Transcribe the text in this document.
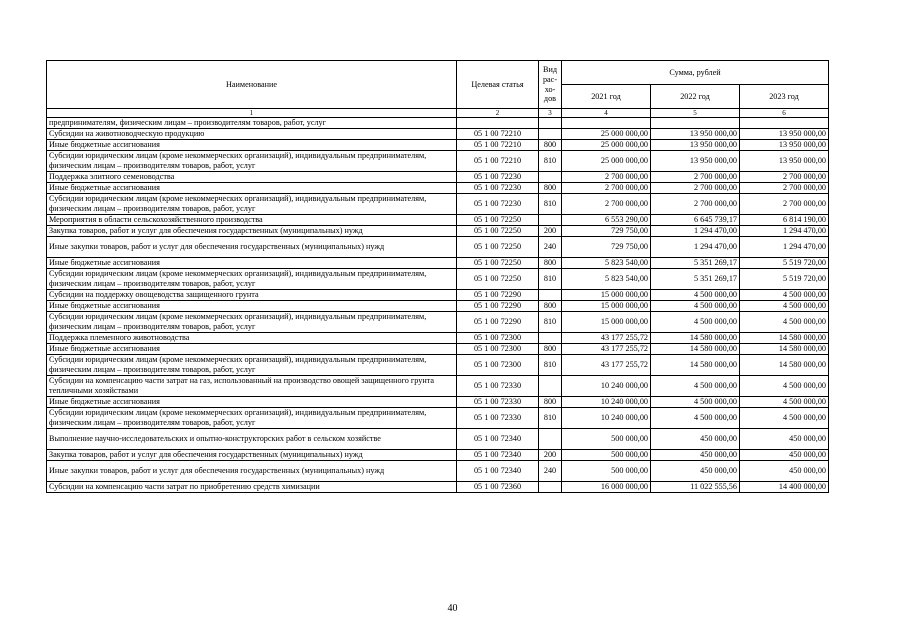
Наименование	Целевая статья	Вид рас-хо-дов	Сумма, рублей		
			2021 год	2022 год	2023 год
1	2	3	4	5	6
предпринимателям, физическим лицам – производителям товаров, работ, услуг					
Субсидии на животноводческую продукцию	05 1 00 72210		25 000 000,00	13 950 000,00	13 950 000,00
Иные бюджетные ассигнования	05 1 00 72210	800	25 000 000,00	13 950 000,00	13 950 000,00
Субсидии юридическим лицам (кроме некоммерческих организаций), индивидуальным предпринимателям, физическим лицам – производителям товаров, работ, услуг	05 1 00 72210	810	25 000 000,00	13 950 000,00	13 950 000,00
Поддержка элитного семеноводства	05 1 00 72230		2 700 000,00	2 700 000,00	2 700 000,00
Иные бюджетные ассигнования	05 1 00 72230	800	2 700 000,00	2 700 000,00	2 700 000,00
Субсидии юридическим лицам (кроме некоммерческих организаций), индивидуальным предпринимателям, физическим лицам – производителям товаров, работ, услуг	05 1 00 72230	810	2 700 000,00	2 700 000,00	2 700 000,00
Мероприятия в области сельскохозяйственного производства	05 1 00 72250		6 553 290,00	6 645 739,17	6 814 190,00
Закупка товаров, работ и услуг для обеспечения государственных (муниципальных) нужд	05 1 00 72250	200	729 750,00	1 294 470,00	1 294 470,00
Иные закупки товаров, работ и услуг для обеспечения государственных (муниципальных) нужд	05 1 00 72250	240	729 750,00	1 294 470,00	1 294 470,00
Иные бюджетные ассигнования	05 1 00 72250	800	5 823 540,00	5 351 269,17	5 519 720,00
Субсидии юридическим лицам (кроме некоммерческих организаций), индивидуальным предпринимателям, физическим лицам – производителям товаров, работ, услуг	05 1 00 72250	810	5 823 540,00	5 351 269,17	5 519 720,00
Субсидии на поддержку овощеводства защищенного грунта	05 1 00 72290		15 000 000,00	4 500 000,00	4 500 000,00
Иные бюджетные ассигнования	05 1 00 72290	800	15 000 000,00	4 500 000,00	4 500 000,00
Субсидии юридическим лицам (кроме некоммерческих организаций), индивидуальным предпринимателям, физическим лицам – производителям товаров, работ, услуг	05 1 00 72290	810	15 000 000,00	4 500 000,00	4 500 000,00
Поддержка племенного животноводства	05 1 00 72300		43 177 255,72	14 580 000,00	14 580 000,00
Иные бюджетные ассигнования	05 1 00 72300	800	43 177 255,72	14 580 000,00	14 580 000,00
Субсидии юридическим лицам (кроме некоммерческих организаций), индивидуальным предпринимателям, физическим лицам – производителям товаров, работ, услуг	05 1 00 72300	810	43 177 255,72	14 580 000,00	14 580 000,00
Субсидии на компенсацию части затрат на газ, использованный на производство овощей защищенного грунта тепличными хозяйствами	05 1 00 72330		10 240 000,00	4 500 000,00	4 500 000,00
Иные бюджетные ассигнования	05 1 00 72330	800	10 240 000,00	4 500 000,00	4 500 000,00
Субсидии юридическим лицам (кроме некоммерческих организаций), индивидуальным предпринимателям, физическим лицам – производителям товаров, работ, услуг	05 1 00 72330	810	10 240 000,00	4 500 000,00	4 500 000,00
Выполнение научно-исследовательских и опытно-конструкторских работ в сельском хозяйстве	05 1 00 72340		500 000,00	450 000,00	450 000,00
Закупка товаров, работ и услуг для обеспечения государственных (муниципальных) нужд	05 1 00 72340	200	500 000,00	450 000,00	450 000,00
Иные закупки товаров, работ и услуг для обеспечения государственных (муниципальных) нужд	05 1 00 72340	240	500 000,00	450 000,00	450 000,00
Субсидии на компенсацию части затрат по приобретению средств химизации	05 1 00 72360		16 000 000,00	11 022 555,56	14 400 000,00
40
